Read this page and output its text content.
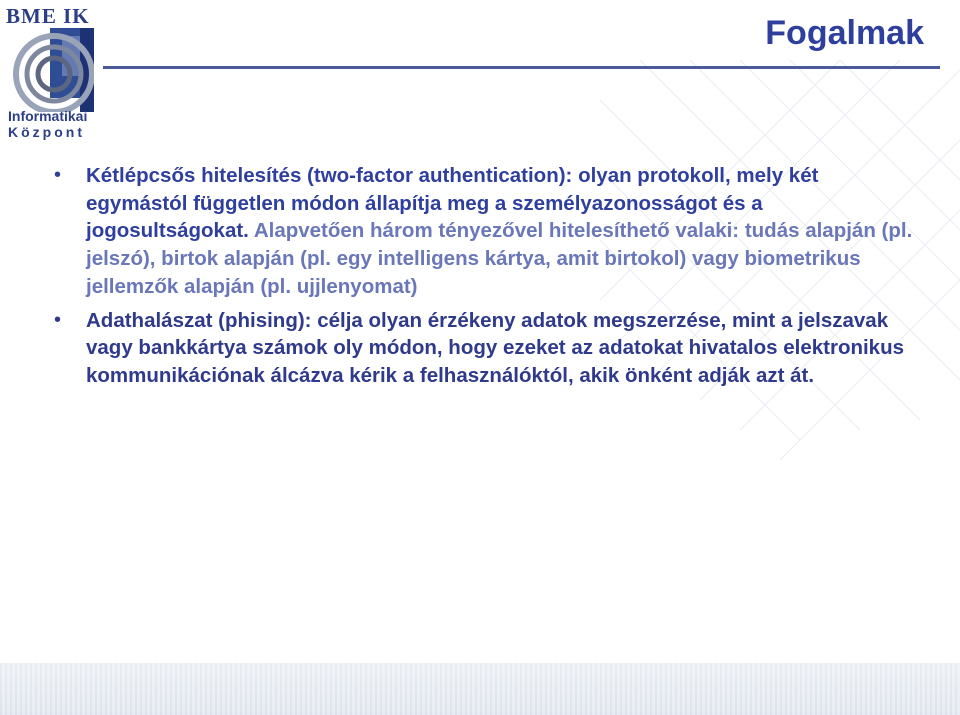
BME IK
Informatikai
Központ
Fogalmak
• Kétlépcsős hitelesítés (two-factor authentication): olyan protokoll, mely két egymástól független módon állapítja meg a személyazonosságot és a jogosultságokat. Alapvetően három tényezővel hitelesíthető valaki: tudás alapján (pl. jelszó), birtok alapján (pl. egy intelligens kártya, amit birtokol) vagy biometrikus jellemzők alapján (pl. ujjlenyomat)
• Adathalászat (phising): célja olyan érzékeny adatok megszerzése, mint a jelszavak vagy bankkártya számok oly módon, hogy ezeket az adatokat hivatalos elektronikus kommunikációnak álcázva kérik a felhasználóktól, akik önként adják azt át.
